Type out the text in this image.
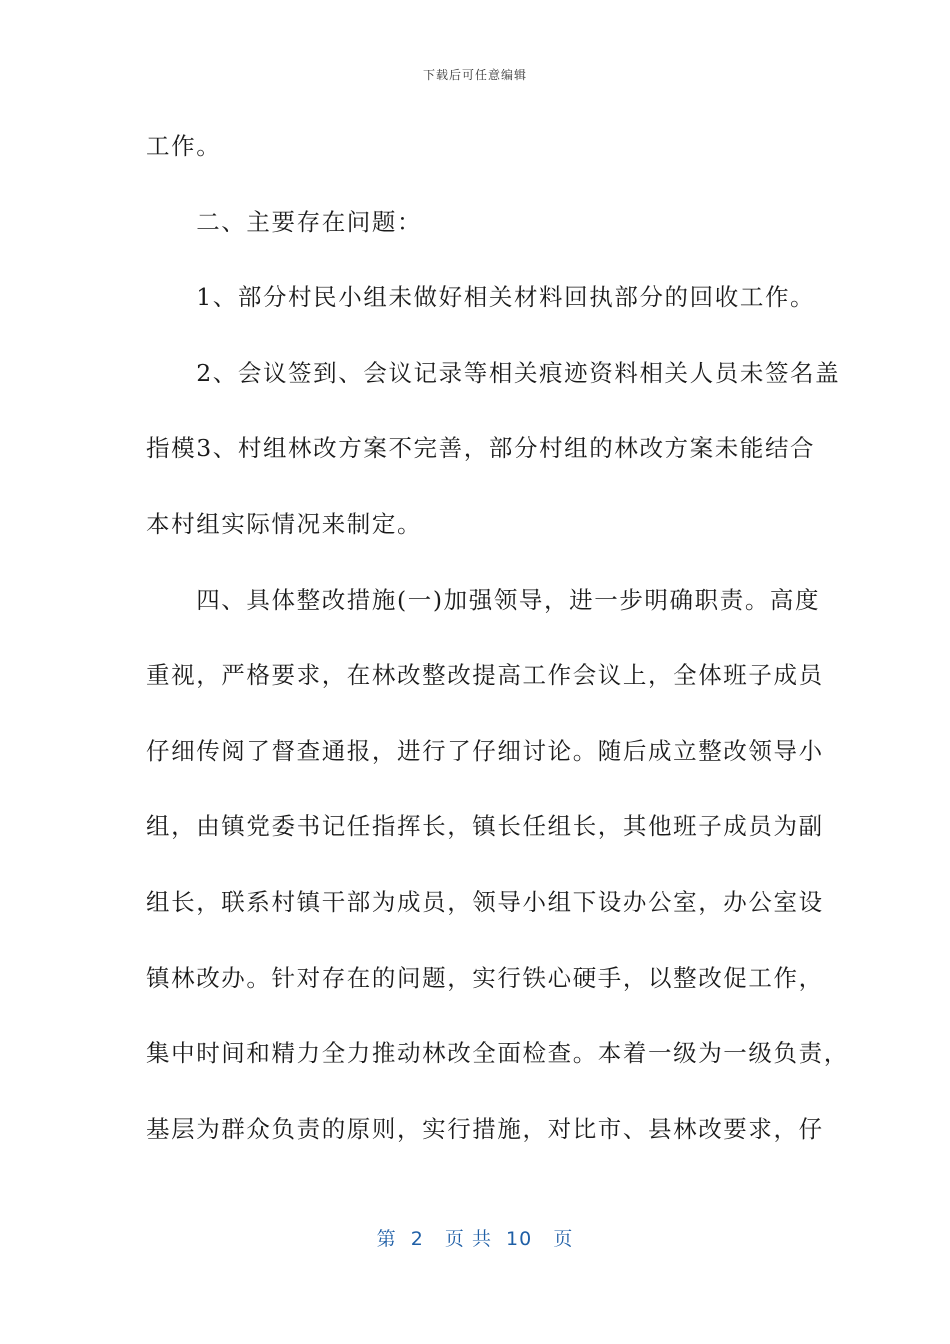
下载后可任意编辑
工作。
　　二、主要存在问题：
　　1、部分村民小组未做好相关材料回执部分的回收工作。
　　2、会议签到、会议记录等相关痕迹资料相关人员未签名盖
指模3、村组林改方案不完善，部分村组的林改方案未能结合
本村组实际情况来制定。
　　四、具体整改措施(一)加强领导，进一步明确职责。高度
重视，严格要求，在林改整改提高工作会议上，全体班子成员
仔细传阅了督查通报，进行了仔细讨论。随后成立整改领导小
组，由镇党委书记任指挥长，镇长任组长，其他班子成员为副
组长，联系村镇干部为成员，领导小组下设办公室，办公室设
镇林改办。针对存在的问题，实行铁心硬手，以整改促工作，
集中时间和精力全力推动林改全面检查。本着一级为一级负责，
基层为群众负责的原则，实行措施，对比市、县林改要求，仔
第  2   页 共  10   页
